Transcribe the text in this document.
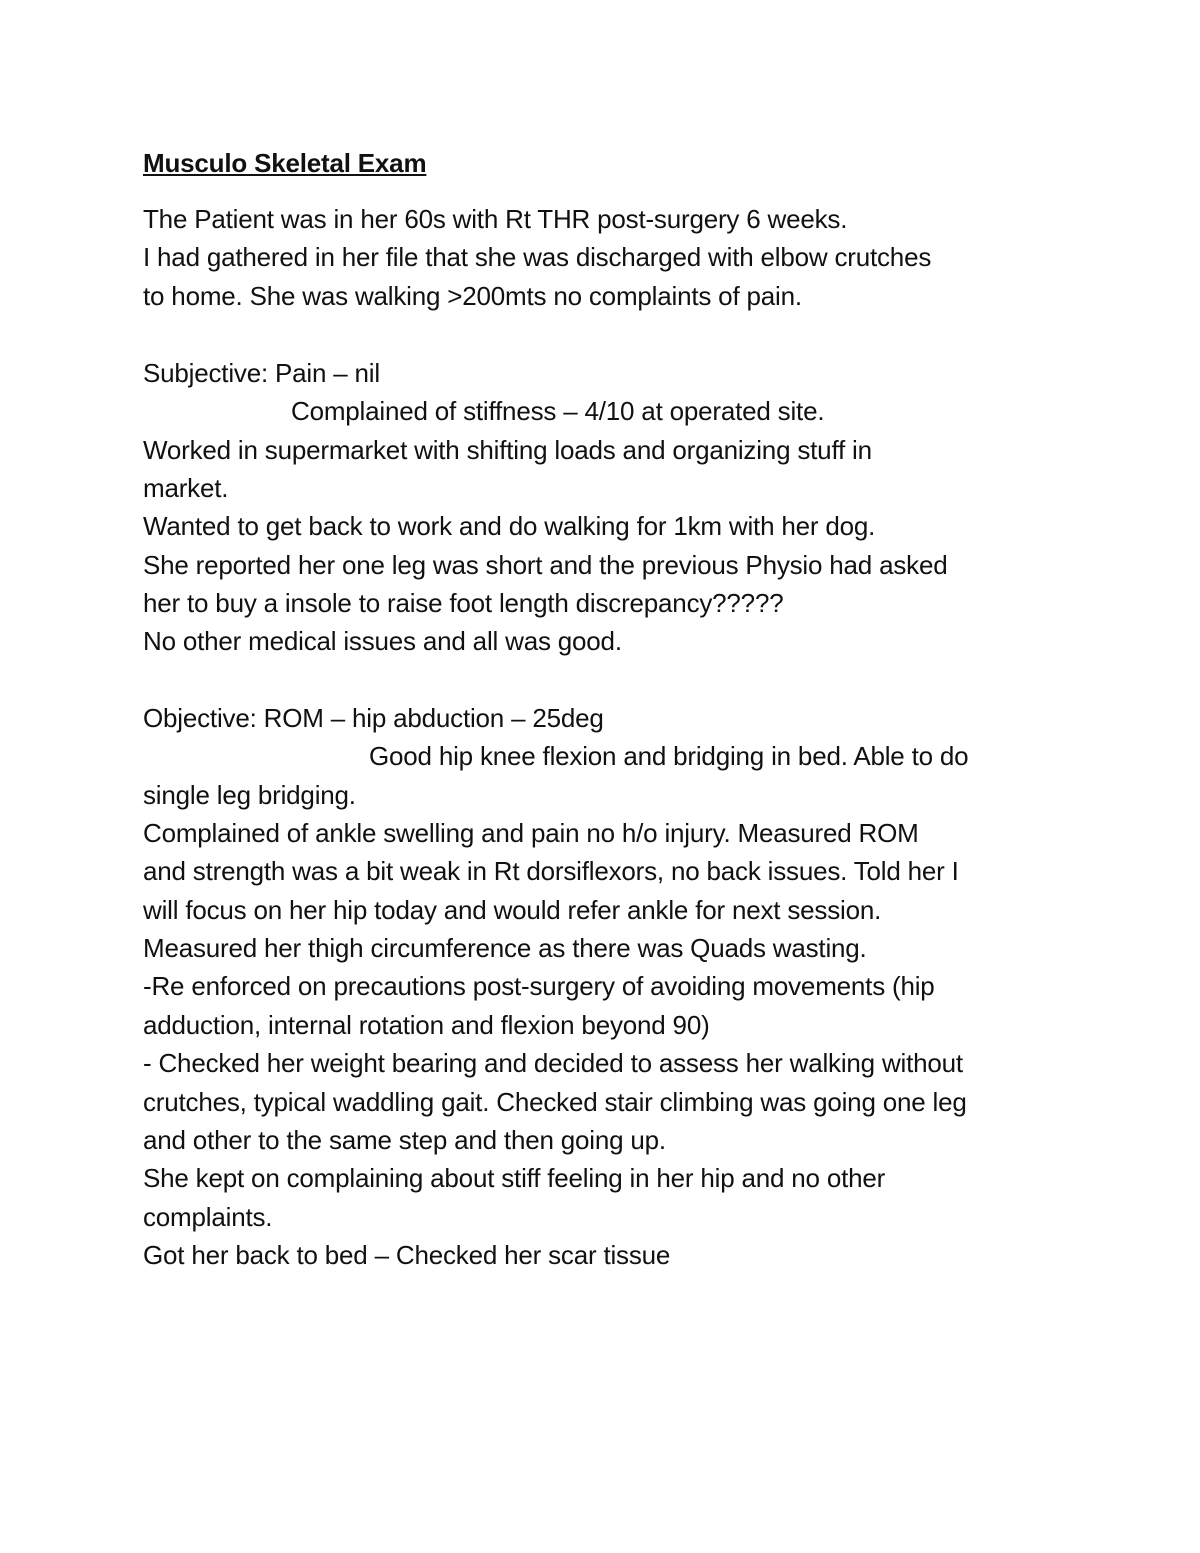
Musculo Skeletal Exam
The Patient was in her 60s with Rt THR post-surgery 6 weeks.
I had gathered in her file that she was discharged with elbow crutches
to home. She was walking >200mts no complaints of pain.
Subjective: Pain – nil
Complained of stiffness – 4/10 at operated site.
Worked in supermarket with shifting loads and organizing stuff in
market.
Wanted to get back to work and do walking for 1km with her dog.
She reported her one leg was short and the previous Physio had asked
her to buy a insole to raise foot length discrepancy?????
No other medical issues and all was good.
Objective: ROM – hip abduction – 25deg
Good hip knee flexion and bridging in bed. Able to do
single leg bridging.
Complained of ankle swelling and pain no h/o injury. Measured ROM
and strength was a bit weak in Rt dorsiflexors, no back issues. Told her I
will focus on her hip today and would refer ankle for next session.
Measured her thigh circumference as there was Quads wasting.
-Re enforced on precautions post-surgery of avoiding movements (hip
adduction, internal rotation and flexion beyond 90)
- Checked her weight bearing and decided to assess her walking without
crutches, typical waddling gait. Checked stair climbing was going one leg
and other to the same step and then going up.
She kept on complaining about stiff feeling in her hip and no other
complaints.
Got her back to bed – Checked her scar tissue
